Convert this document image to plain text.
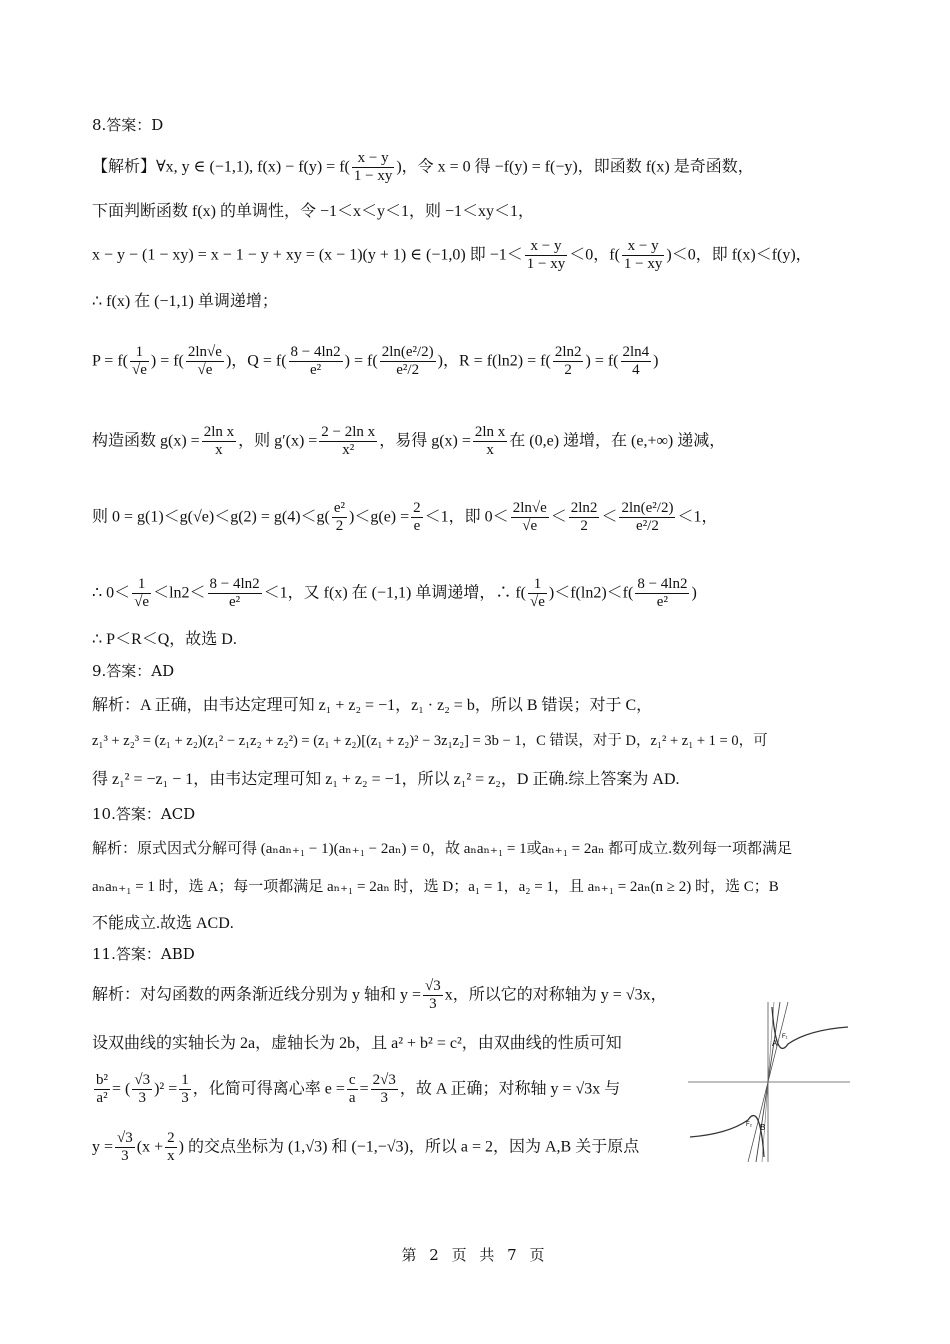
8.答案：D
【解析】∀x, y ∈ (−1,1), $f(x) - f(y) = f( \frac{x - y}{1 - xy}$ )，令 x = 0 得 −f(y) = f(−y)，即函数 f(x) 是奇函数，
下面判断函数 f(x) 的单调性，令 −1＜x＜y＜1，则 −1＜xy＜1，
x − y − (1 − xy) = x − 1 − y + xy = (x − 1)(y + 1) ∈ (−1,0) 即 $-1< \frac{x - y}{1 - xy} <0$，$f( \frac{x - y}{1 - xy} )<0$，即 f(x)＜f(y)，
∴ f(x) 在 (−1,1) 单调递增；
$P = f( \frac{1}{√e}$ ) = $f( \frac{2\ln√e}{√e}$ )，$Q = f( \frac{8 - 4\ln 2}{\text{e²}}$ ) = $f( \frac{\text{2ln(e²/2)}}{\text{e²/2}}$ )，$R = f(\ln 2) = f( \frac{2\ln 2}{2}$ ) = $f( \frac{2\ln 4}{4}$ )
构造函数 $g(x) = \frac{\text{2ln x}}{x}$ ，则 $g'(x) = \frac{\text{2 − 2ln x}}{\text{x²}}$ ，易得 $g(x) = \frac{\text{2ln x}}{x}$ 在 (0,e) 递增，在 (e,+∞) 递减，
则 $0 = g(1)<g(√e)<g(2) = g(4)<g( \frac{\text{e²}}{2} )<g(e) = \frac{2}{e} <1$，即 $0< \frac{2\ln√e}{√e} < \frac{2\ln 2}{2} < \frac{\text{2ln(e²/2)}}{\text{e²/2}} <1$，
∴ $0< \frac{1}{√e} <\ln 2< \frac{8 - 4\ln 2}{\text{e²}} <1$，又 f(x) 在 (−1,1) 单调递增，∴ $f( \frac{1}{√e} )<f(\ln 2)<f( \frac{8 - 4\ln 2}{\text{e²}}$ )
∴ P＜R＜Q，故选 D.
9.答案：AD
解析：A 正确，由韦达定理可知 z₁ + z₂ = −1，z₁ · z₂ = b，所以 B 错误；对于 C，
z₁³ + z₂³ = (z₁ + z₂)(z₁² − z₁z₂ + z₂²) = (z₁ + z₂)[(z₁ + z₂)² − 3z₁z₂] = 3b − 1，C 错误，对于 D，z₁² + z₁ + 1 = 0，可
得 z₁² = −z₁ − 1，由韦达定理可知 z₁ + z₂ = −1，所以 z₁² = z₂，D 正确.综上答案为 AD.
10.答案：ACD
解析：原式因式分解可得 (aₙaₙ₊₁ − 1)(aₙ₊₁ − 2aₙ) = 0，故 aₙaₙ₊₁ = 1或aₙ₊₁ = 2aₙ 都可成立.数列每一项都满足
aₙaₙ₊₁ = 1 时，选 A；每一项都满足 aₙ₊₁ = 2aₙ 时，选 D；a₁ = 1，a₂ = 1，且 aₙ₊₁ = 2aₙ(n ≥ 2) 时，选 C；B
不能成立.故选 ACD.
11.答案：ABD
解析：对勾函数的两条渐近线分别为 y 轴和 $y = \frac{√3}{3}$ x，所以它的对称轴为 y = √3x，
设双曲线的实轴长为 2a，虚轴长为 2b，且 a² + b² = c²，由双曲线的性质可知
$\frac{\text{b²}}{\text{a²}}$ = ( $\frac{√3}{3} )^2 = \frac{1}{3}$ ，化简可得离心率 $e = \frac{c}{a} = \frac{2√3}{3}$ ，故 A 正确；对称轴 y = √3x 与
$y = \frac{√3}{3} (x + \frac{2}{x}$ ) 的交点坐标为 (1,√3) 和 (−1,−√3)，所以 a = 2，因为 A,B 关于原点
A
B
F₁
F₂
第 2 页 共 7 页
